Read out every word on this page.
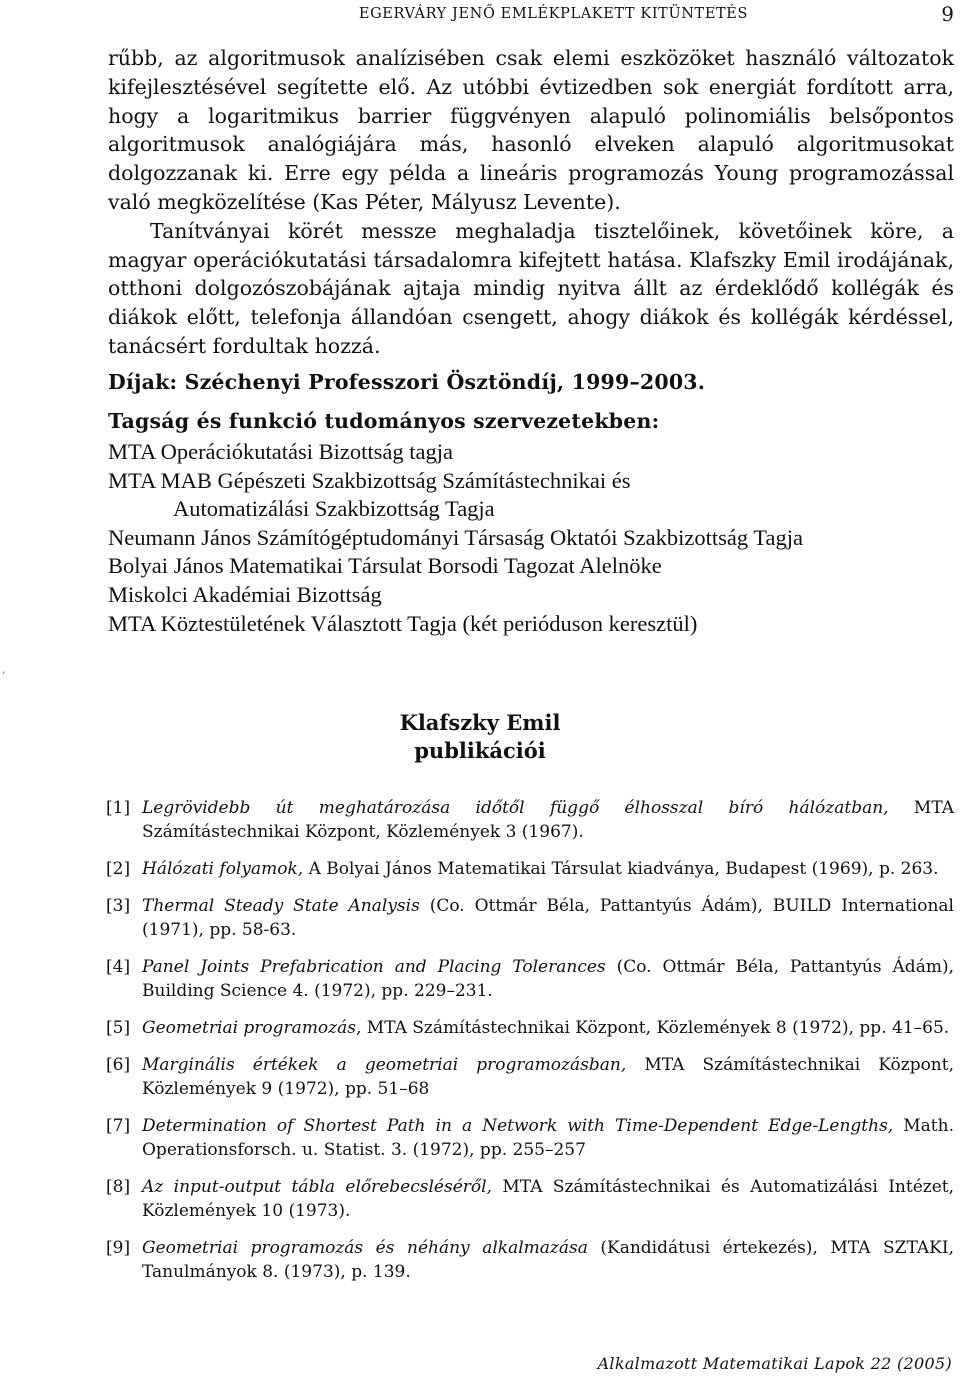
EGERVÁRY JENŐ EMLÉKPLAKETT KITÜNTETÉS	9

rűbb, az algoritmusok analízisében csak elemi eszközöket használó változatok kifejlesztésével segítette elő. Az utóbbi évtizedben sok energiát fordított arra, hogy a logaritmikus barrier függvényen alapuló polinomiális belsőpontos algoritmusok analógiájára más, hasonló elveken alapuló algoritmusokat dolgozzanak ki. Erre egy példa a lineáris programozás Young programozással való megközelítése (Kas Péter, Mályusz Levente).

Tanítványai körét messze meghaladja tisztelőinek, követőinek köre, a magyar operációkutatási társadalomra kifejtett hatása. Klafszky Emil irodájának, otthoni dolgozószobájának ajtaja mindig nyitva állt az érdeklődő kollégák és diákok előtt, telefonja állandóan csengett, ahogy diákok és kollégák kérdéssel, tanácsért fordultak hozzá.

Díjak: Széchenyi Professzori Ösztöndíj, 1999–2003.
Tagság és funkció tudományos szervezetekben:
MTA Operációkutatási Bizottság tagja
MTA MAB Gépészeti Szakbizottság Számítástechnikai és
Automatizálási Szakbizottság Tagja
Neumann János Számítógéptudományi Társaság Oktatói Szakbizottság Tagja
Bolyai János Matematikai Társulat Borsodi Tagozat Alelnöke
Miskolci Akadémiai Bizottság
MTA Köztestületének Választott Tagja (két perióduson keresztül)
,
Klafszky Emil
publikációi
[1] Legrövidebb út meghatározása időtől függő élhosszal bíró hálózatban, MTA Számítástechnikai Központ, Közlemények 3 (1967).
[2] Hálózati folyamok, A Bolyai János Matematikai Társulat kiadványa, Budapest (1969), p. 263.
[3] Thermal Steady State Analysis (Co. Ottmár Béla, Pattantyús Ádám), BUILD International (1971), pp. 58-63.
[4] Panel Joints Prefabrication and Placing Tolerances (Co. Ottmár Béla, Pattantyús Ádám), Building Science 4. (1972), pp. 229–231.
[5] Geometriai programozás, MTA Számítástechnikai Központ, Közlemények 8 (1972), pp. 41–65.
[6] Marginális értékek a geometriai programozásban, MTA Számítástechnikai Központ, Közlemények 9 (1972), pp. 51–68
[7] Determination of Shortest Path in a Network with Time-Dependent Edge-Lengths, Math. Operationsforsch. u. Statist. 3. (1972), pp. 255–257
[8] Az input-output tábla előrebecsléséről, MTA Számítástechnikai és Automatizálási Intézet, Közlemények 10 (1973).
[9] Geometriai programozás és néhány alkalmazása (Kandidátusi értekezés), MTA SZTAKI, Tanulmányok 8. (1973), p. 139.
Alkalmazott Matematikai Lapok 22 (2005)
